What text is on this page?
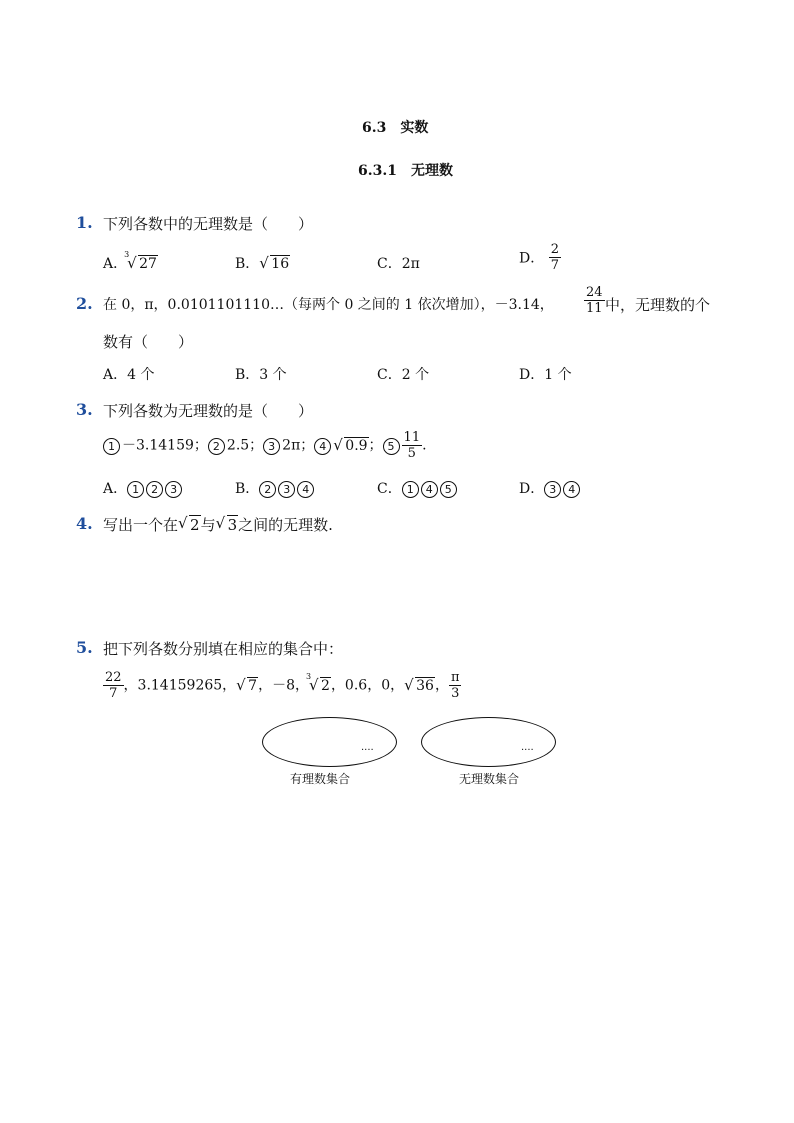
6.3　实数
6.3.1　无理数
1. 下列各数中的无理数是（　　）
A．
3
√ 27	B． √ 16	C．2π	D． $\frac{2}{7}$
2. 在 0，π，0.0101101110…（每两个 0 之间的 1 依次增加），－3.14， $\frac{24}{11}$ 中，无理数的个
数有（　　）
A．4 个	B．3 个	C．2 个	D．1 个
3. 下列各数为无理数的是（　　）
1 －3.14159； 2 2.5； 3 2π； 4 √ 0.9； $5 \frac{11}{5}$ .
A． 1 2 3	B． 2 3 4	C． 1 4 5	D． 3 4
4. 写出一个在 √ 2与 √ 3之间的无理数.
5. 把下列各数分别填在相应的集合中：
$\frac{22}{7}$ ，3.14159265， √ 7，－8，
3
√ 2，0.6，0， √ 36， $\frac{\pi}{3}$
....
有理数集合
....
无理数集合
